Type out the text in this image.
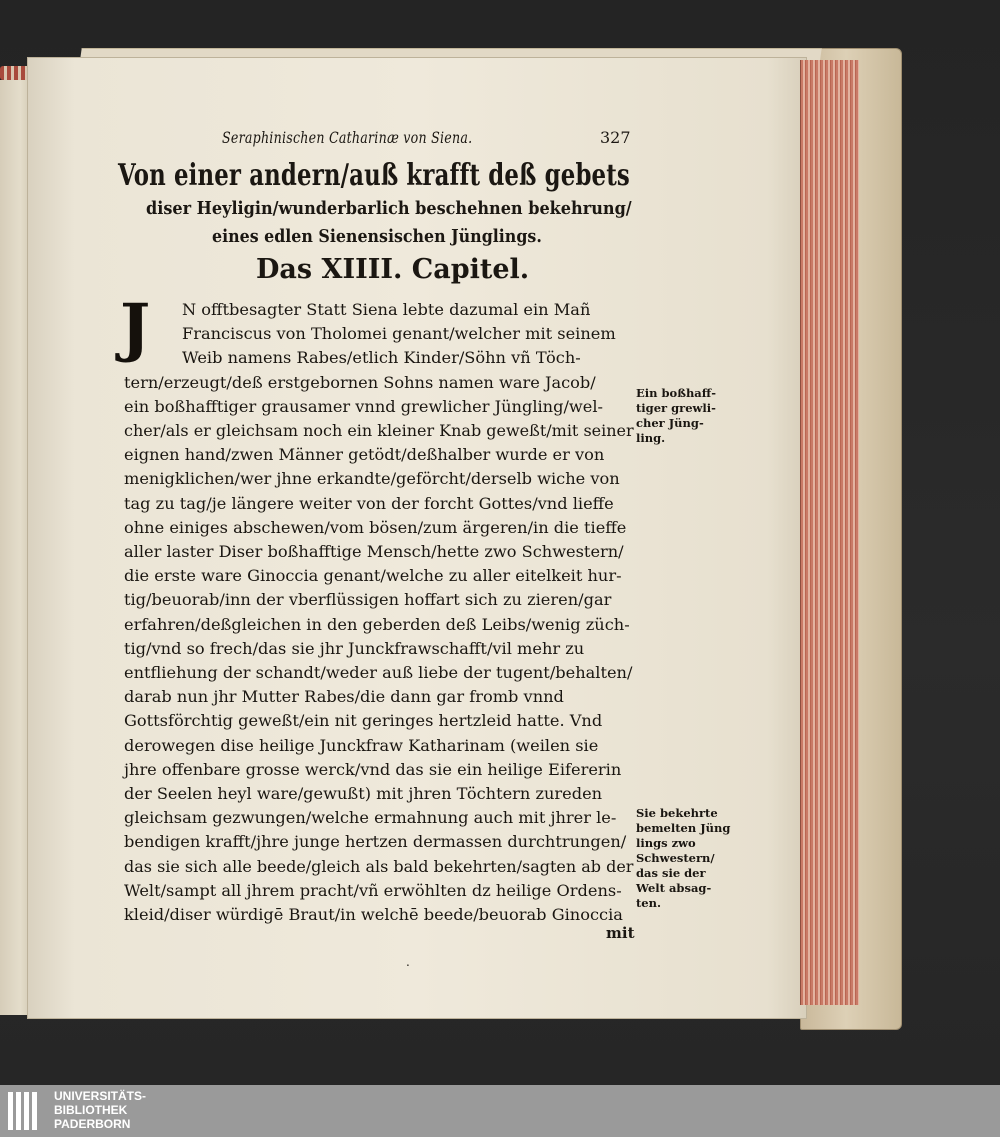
Seraphinischen Catharinæ von Siena.	327
Von einer andern/auß krafft deß gebets
diser Heyligin/wunderbarlich beschehnen bekehrung/
eines edlen Sienensischen Jünglings.
Das XIIII. Capitel.
J	N offtbesagter Statt Siena lebte dazumal ein Mañ
Franciscus von Tholomei genant/welcher mit seinem
Weib namens Rabes/etlich Kinder/Söhn vñ Töch-
tern/erzeugt/deß erstgebornen Sohns namen ware Jacob/
ein boßhafftiger grausamer vnnd grewlicher Jüngling/wel-
cher/als er gleichsam noch ein kleiner Knab geweßt/mit seiner
eignen hand/zwen Männer getödt/deßhalber wurde er von
menigklichen/wer jhne erkandte/geförcht/derselb wiche von
tag zu tag/je längere weiter von der forcht Gottes/vnd lieffe
ohne einiges abschewen/vom bösen/zum ärgeren/in die tieffe
aller laster Diser boßhafftige Mensch/hette zwo Schwestern/
die erste ware Ginoccia genant/welche zu aller eitelkeit hur-
tig/beuorab/inn der vberflüssigen hoffart sich zu zieren/gar
erfahren/deßgleichen in den geberden deß Leibs/wenig züch-
tig/vnd so frech/das sie jhr Junckfrawschafft/vil mehr zu
entfliehung der schandt/weder auß liebe der tugent/behalten/
darab nun jhr Mutter Rabes/die dann gar fromb vnnd
Gottsförchtig geweßt/ein nit geringes hertzleid hatte. Vnd
derowegen dise heilige Junckfraw Katharinam (weilen sie
jhre offenbare grosse werck/vnd das sie ein heilige Eifererin
der Seelen heyl ware/gewußt) mit jhren Töchtern zureden
gleichsam gezwungen/welche ermahnung auch mit jhrer le-
bendigen krafft/jhre junge hertzen dermassen durchtrungen/
das sie sich alle beede/gleich als bald bekehrten/sagten ab der
Welt/sampt all jhrem pracht/vñ erwöhlten dz heilige Ordens-
kleid/diser würdigē Braut/in welchē beede/beuorab Ginoccia
Ein boßhaff-
tiger grewli-
cher Jüng-
ling.
Sie bekehrte
bemelten Jüng
lings zwo
Schwestern/
das sie der
Welt absag-
ten.
mit
.
UNIVERSITÄTS-
BIBLIOTHEK
PADERBORN
